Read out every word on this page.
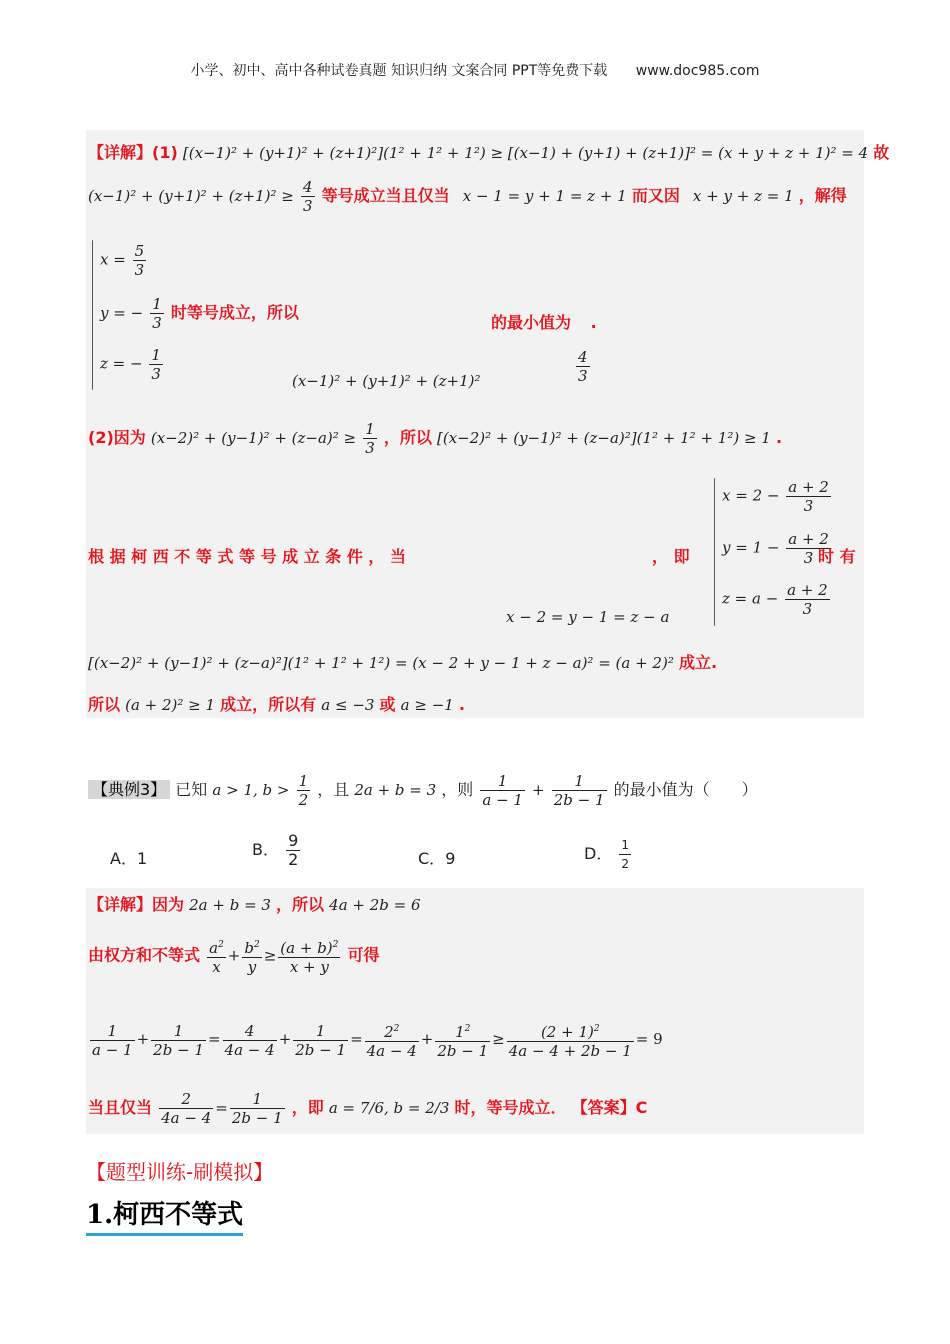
小学、初中、高中各种试卷真题 知识归纳 文案合同 PPT等免费下载 www.doc985.com
【详解】(1) [(x−1)² + (y+1)² + (z+1)²](1² + 1² + 1²) ≥ [(x−1) + (y+1) + (z+1)]² = (x + y + z + 1)² = 4 故
$(x-1)^2 + (y+1)^2 + (z+1)^2 \ge \frac{4}{3}$ 等号成立当且仅当 x − 1 = y + 1 = z + 1 而又因 x + y + z = 1 ，解得
$x = \frac{5}{3}$
y = − $\frac{1}{3}$ 时等号成立，所以
z = − $\frac{1}{3}$
的最小值为 .
(x−1)² + (y+1)² + (z+1)²	$\frac{4}{3}$
(2)因为 $(x-2)^2 + (y-1)^2 + (z-a)^2 \ge \frac{1}{3}$ ，所以 [(x−2)² + (y−1)² + (z−a)²](1² + 1² + 1²) ≥ 1 .
根 据 柯 西 不 等 式 等 号 成 立 条 件 ， 当	， 即
$x = 2 - \frac{a + 2}{3}$
$y = 1 - \frac{a + 2}{3}$
$z = a - \frac{a + 2}{3}$
时 有
x − 2 = y − 1 = z − a
[(x−2)² + (y−1)² + (z−a)²](1² + 1² + 1²) = (x − 2 + y − 1 + z − a)² = (a + 2)² 成立.
所以 (a + 2)² ≥ 1 成立，所以有 a ≤ −3 或 a ≥ −1 .
【典例3】 已知 a > 1, $b > \frac{1}{2}$ ，且 2a + b = 3 ，则 $\frac{1}{a - 1} + \frac{1}{2b - 1}$ 的最小值为（　　）
A．1	B． $\frac{9}{2}$	C．9	D． $\frac{1}{2}$
【详解】因为 2a + b = 3 ，所以 4a + 2b = 6
由权方和不等式 $\frac{a^2}{x} + \frac{b^2}{y} \ge \frac{(a + b)^2}{x + y}$ 可得
$\frac{1}{a - 1} + \frac{1}{2b - 1} = \frac{4}{4a - 4} + \frac{1}{2b - 1} = \frac{2^2}{4a - 4} + \frac{1^2}{2b - 1} \ge \frac{(2 + 1)^2}{4a - 4 + 2b - 1} = 9$
当且仅当 $\frac{2}{4a - 4} = \frac{1}{2b - 1}$ ，即 a = 7/6, b = 2/3 时，等号成立． 【答案】C
【题型训练-刷模拟】
1.柯西不等式
